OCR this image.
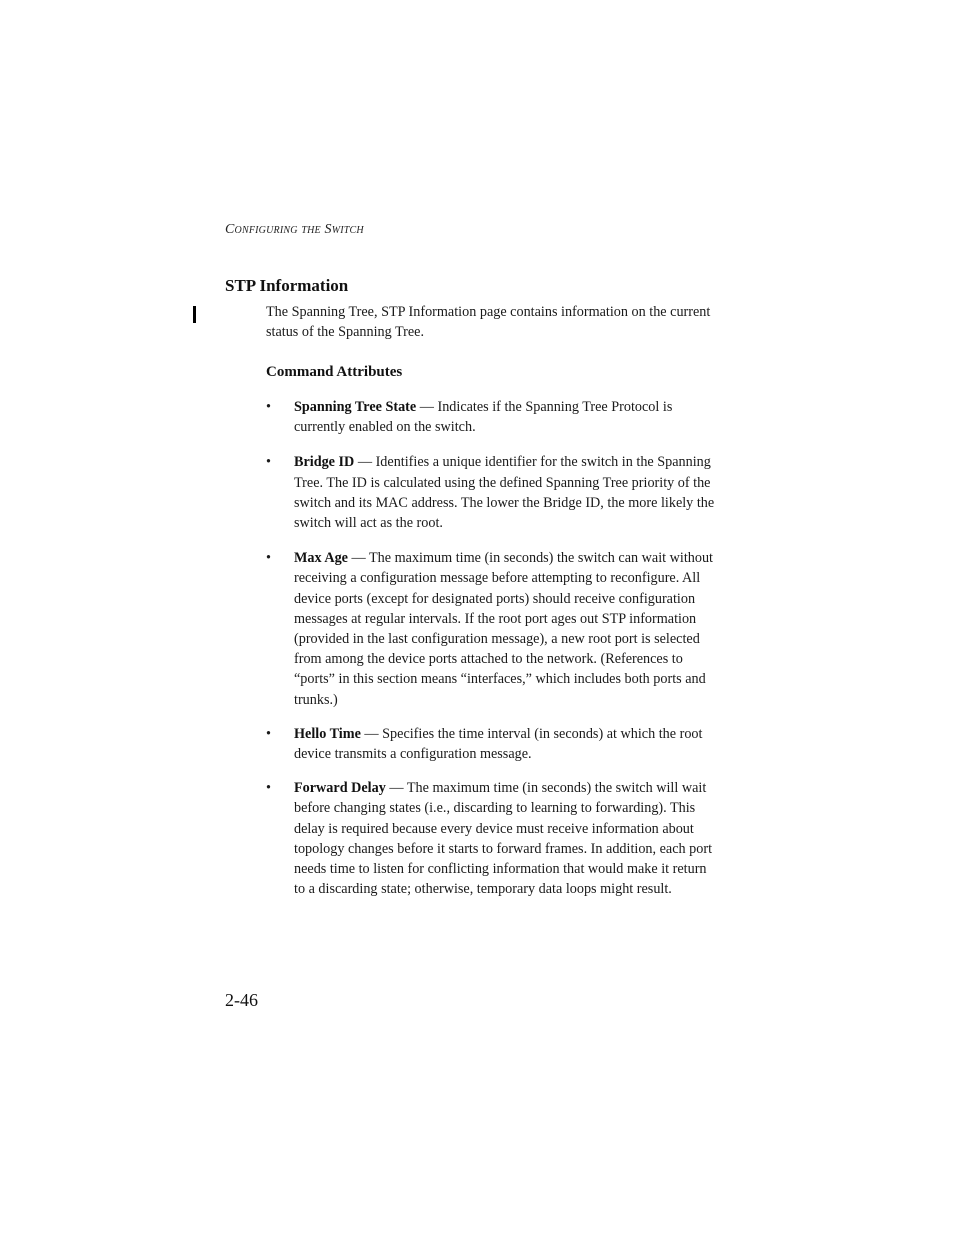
Configuring the Switch
STP Information

The Spanning Tree, STP Information page contains information on the current status of the Spanning Tree.

Command Attributes
• Spanning Tree State — Indicates if the Spanning Tree Protocol is currently enabled on the switch.
• Bridge ID — Identifies a unique identifier for the switch in the Spanning Tree. The ID is calculated using the defined Spanning Tree priority of the switch and its MAC address. The lower the Bridge ID, the more likely the switch will act as the root.
• Max Age — The maximum time (in seconds) the switch can wait without receiving a configuration message before attempting to reconfigure. All device ports (except for designated ports) should receive configuration messages at regular intervals. If the root port ages out STP information (provided in the last configuration message), a new root port is selected from among the device ports attached to the network. (References to “ports” in this section means “interfaces,” which includes both ports and trunks.)
• Hello Time — Specifies the time interval (in seconds) at which the root device transmits a configuration message.
• Forward Delay — The maximum time (in seconds) the switch will wait before changing states (i.e., discarding to learning to forwarding). This delay is required because every device must receive information about topology changes before it starts to forward frames. In addition, each port needs time to listen for conflicting information that would make it return to a discarding state; otherwise, temporary data loops might result.
2-46
